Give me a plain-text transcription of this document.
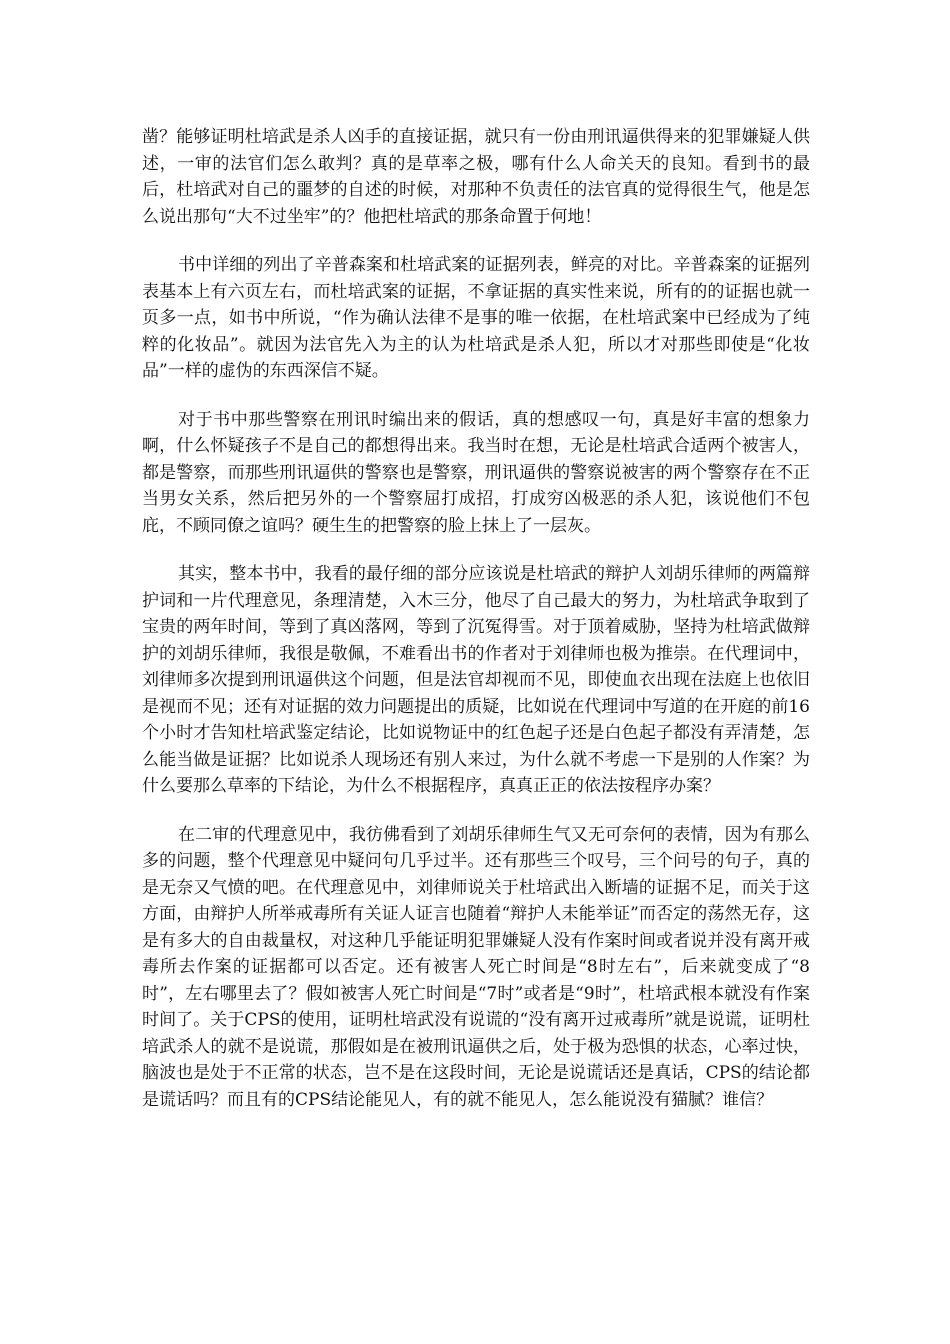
凿？能够证明杜培武是杀人凶手的直接证据，就只有一份由刑讯逼供得来的犯罪嫌疑人供述，一审的法官们怎么敢判？真的是草率之极，哪有什么人命关天的良知。看到书的最后，杜培武对自己的噩梦的自述的时候，对那种不负责任的法官真的觉得很生气，他是怎么说出那句“大不过坐牢”的？他把杜培武的那条命置于何地！

书中详细的列出了辛普森案和杜培武案的证据列表，鲜亮的对比。辛普森案的证据列表基本上有六页左右，而杜培武案的证据，不拿证据的真实性来说，所有的的证据也就一页多一点，如书中所说，“作为确认法律不是事的唯一依据，在杜培武案中已经成为了纯粹的化妆品”。就因为法官先入为主的认为杜培武是杀人犯，所以才对那些即使是“化妆品”一样的虚伪的东西深信不疑。

对于书中那些警察在刑讯时编出来的假话，真的想感叹一句，真是好丰富的想象力啊，什么怀疑孩子不是自己的都想得出来。我当时在想，无论是杜培武合适两个被害人，都是警察，而那些刑讯逼供的警察也是警察，刑讯逼供的警察说被害的两个警察存在不正当男女关系，然后把另外的一个警察屈打成招，打成穷凶极恶的杀人犯，该说他们不包庇，不顾同僚之谊吗？硬生生的把警察的脸上抹上了一层灰。

其实，整本书中，我看的最仔细的部分应该说是杜培武的辩护人刘胡乐律师的两篇辩护词和一片代理意见，条理清楚，入木三分，他尽了自己最大的努力，为杜培武争取到了宝贵的两年时间，等到了真凶落网，等到了沉冤得雪。对于顶着威胁，坚持为杜培武做辩护的刘胡乐律师，我很是敬佩，不难看出书的作者对于刘律师也极为推崇。在代理词中，刘律师多次提到刑讯逼供这个问题，但是法官却视而不见，即使血衣出现在法庭上也依旧是视而不见；还有对证据的效力问题提出的质疑，比如说在代理词中写道的在开庭的前16个小时才告知杜培武鉴定结论，比如说物证中的红色起子还是白色起子都没有弄清楚，怎么能当做是证据？比如说杀人现场还有别人来过，为什么就不考虑一下是别的人作案？为什么要那么草率的下结论，为什么不根据程序，真真正正的依法按程序办案？

在二审的代理意见中，我彷佛看到了刘胡乐律师生气又无可奈何的表情，因为有那么多的问题，整个代理意见中疑问句几乎过半。还有那些三个叹号，三个问号的句子，真的是无奈又气愤的吧。在代理意见中，刘律师说关于杜培武出入断墙的证据不足，而关于这方面，由辩护人所举戒毒所有关证人证言也随着“辩护人未能举证”而否定的荡然无存，这是有多大的自由裁量权，对这种几乎能证明犯罪嫌疑人没有作案时间或者说并没有离开戒毒所去作案的证据都可以否定。还有被害人死亡时间是“8时左右”，后来就变成了“8时”，左右哪里去了？假如被害人死亡时间是“7时”或者是“9时”，杜培武根本就没有作案时间了。关于CPS的使用，证明杜培武没有说谎的“没有离开过戒毒所”就是说谎，证明杜培武杀人的就不是说谎，那假如是在被刑讯逼供之后，处于极为恐惧的状态，心率过快，脑波也是处于不正常的状态，岂不是在这段时间，无论是说谎话还是真话，CPS的结论都是谎话吗？而且有的CPS结论能见人，有的就不能见人，怎么能说没有猫腻？谁信？
